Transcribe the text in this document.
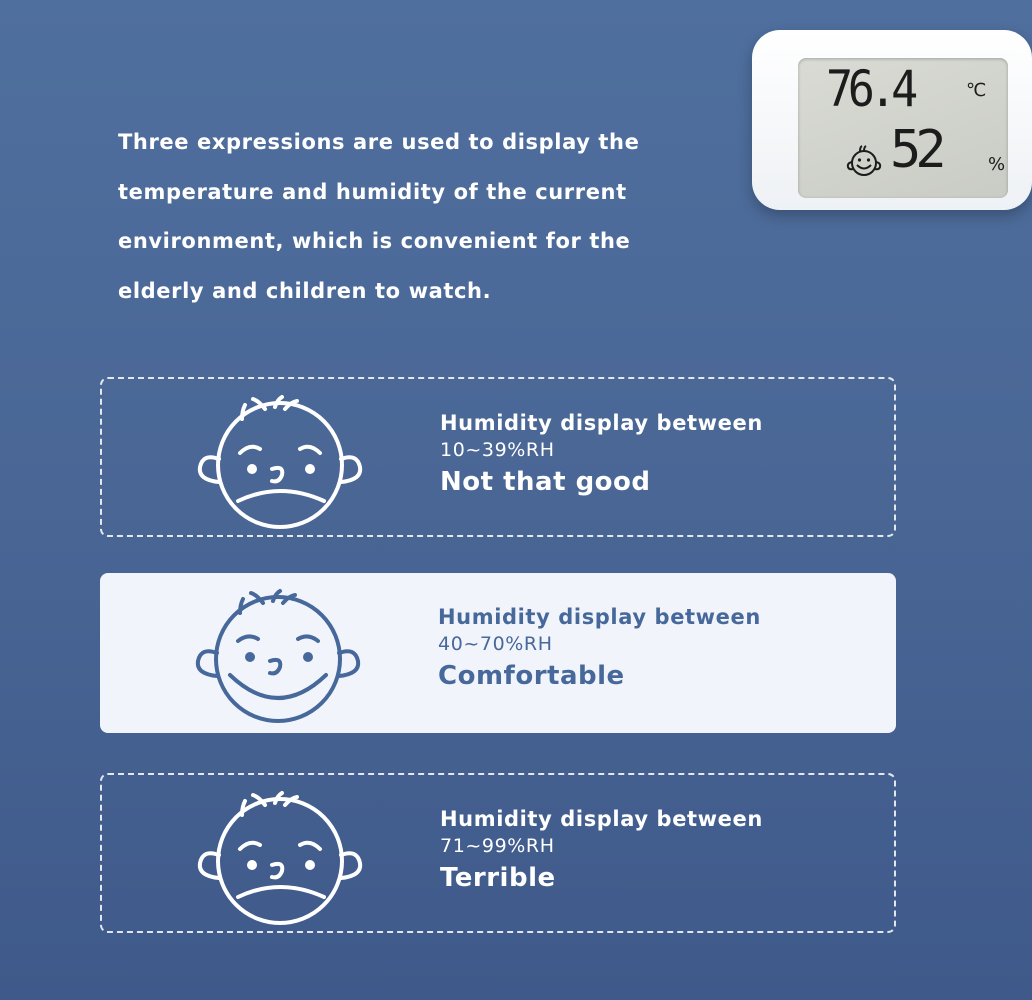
Three expressions are used to display the
temperature and humidity of the current
environment, which is convenient for the
elderly and children to watch.
76.4	℃
52	%
Humidity display between
10~39%RH
Not that good
Humidity display between
40~70%RH
Comfortable
Humidity display between
71~99%RH
Terrible
